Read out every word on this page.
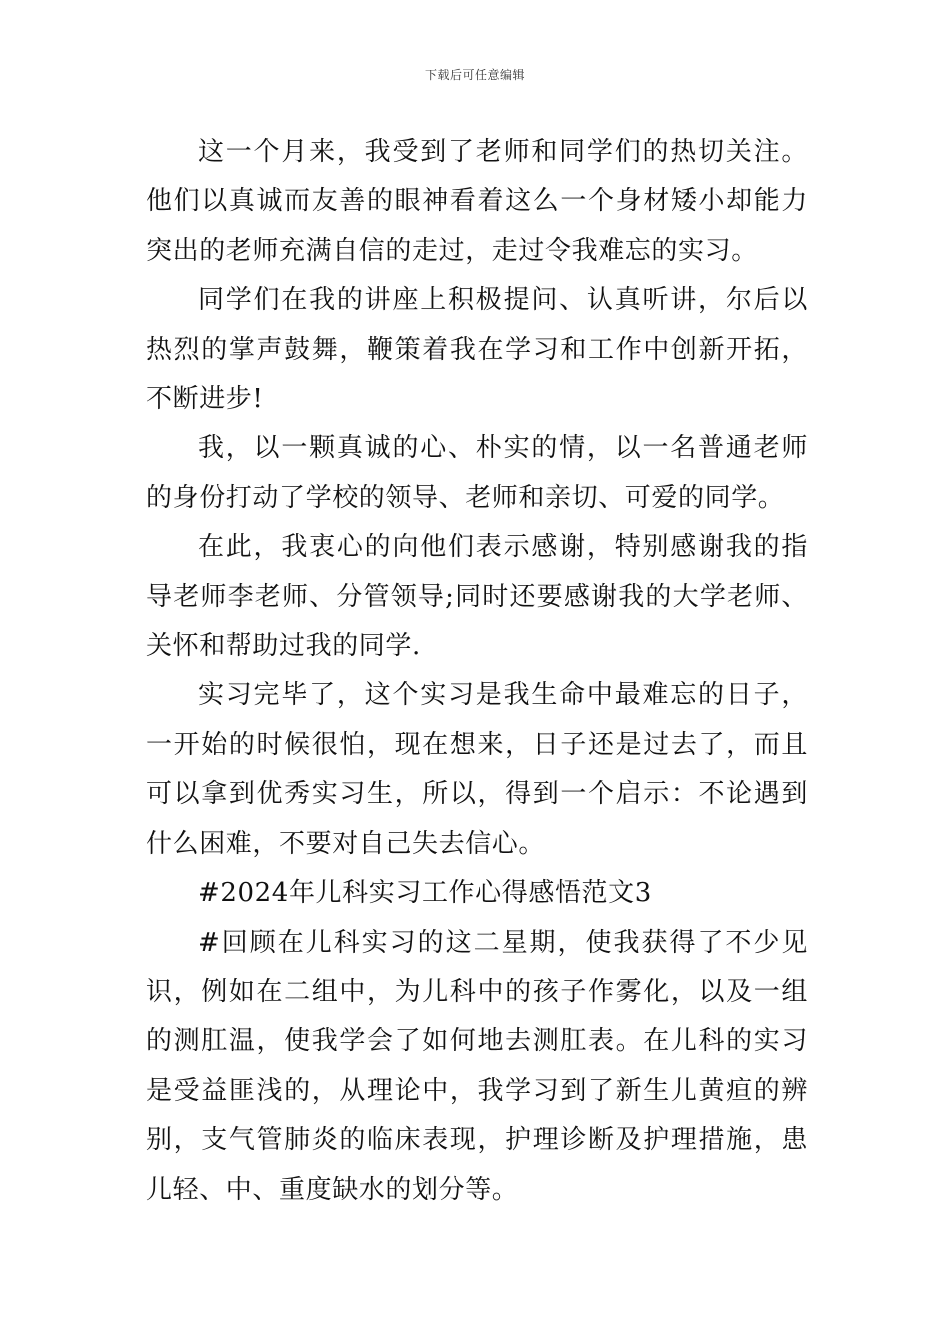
下载后可任意编辑

这一个月来，我受到了老师和同学们的热切关注。他们以真诚而友善的眼神看着这么一个身材矮小却能力突出的老师充满自信的走过，走过令我难忘的实习。

同学们在我的讲座上积极提问、认真听讲，尔后以热烈的掌声鼓舞，鞭策着我在学习和工作中创新开拓，不断进步!

我，以一颗真诚的心、朴实的情，以一名普通老师的身份打动了学校的领导、老师和亲切、可爱的同学。

在此，我衷心的向他们表示感谢，特别感谢我的指导老师李老师、分管领导;同时还要感谢我的大学老师、关怀和帮助过我的同学.

实习完毕了，这个实习是我生命中最难忘的日子，一开始的时候很怕，现在想来，日子还是过去了，而且可以拿到优秀实习生，所以，得到一个启示：不论遇到什么困难，不要对自己失去信心。

#2024年儿科实习工作心得感悟范文3

#回顾在儿科实习的这二星期，使我获得了不少见识，例如在二组中，为儿科中的孩子作雾化，以及一组的测肛温，使我学会了如何地去测肛表。在儿科的实习是受益匪浅的，从理论中，我学习到了新生儿黄疸的辨别，支气管肺炎的临床表现，护理诊断及护理措施，患儿轻、中、重度缺水的划分等。
